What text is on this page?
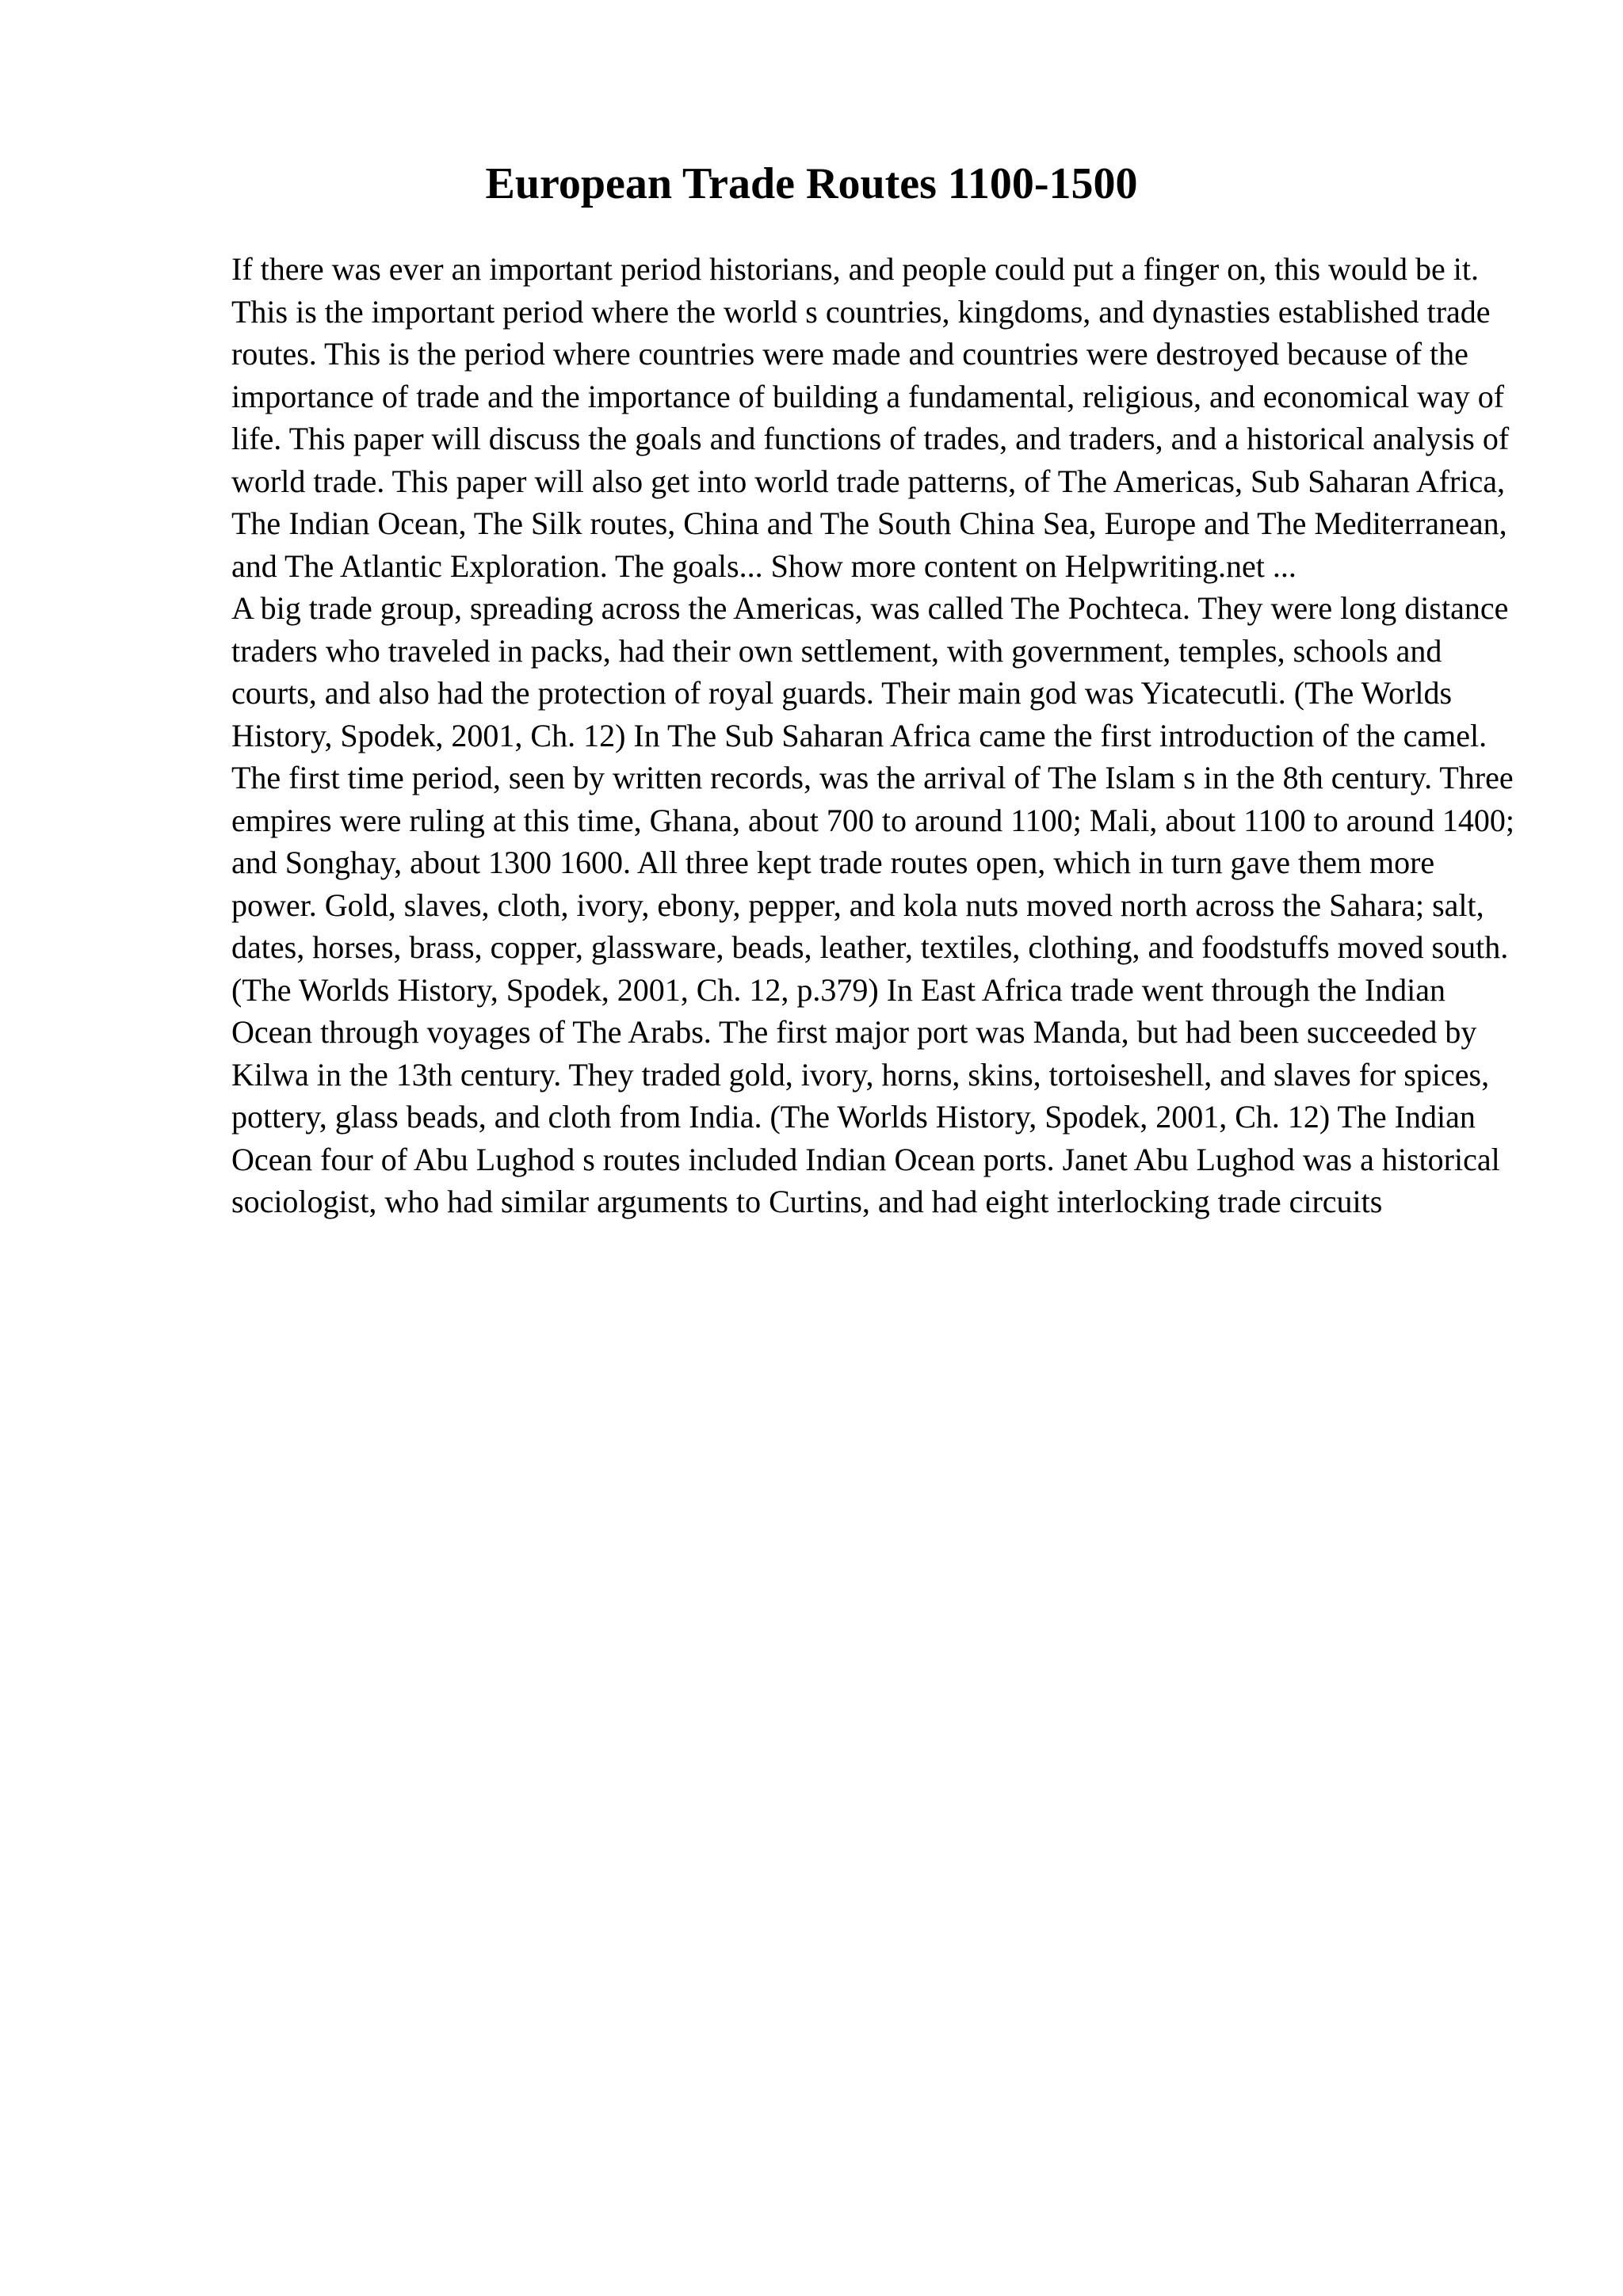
European Trade Routes 1100-1500

If there was ever an important period historians, and people could put a finger on, this would be it. This is the important period where the world s countries, kingdoms, and dynasties established trade routes. This is the period where countries were made and countries were destroyed because of the importance of trade and the importance of building a fundamental, religious, and economical way of life. This paper will discuss the goals and functions of trades, and traders, and a historical analysis of world trade. This paper will also get into world trade patterns, of The Americas, Sub Saharan Africa, The Indian Ocean, The Silk routes, China and The South China Sea, Europe and The Mediterranean, and The Atlantic Exploration. The goals... Show more content on Helpwriting.net ...

A big trade group, spreading across the Americas, was called The Pochteca. They were long distance traders who traveled in packs, had their own settlement, with government, temples, schools and courts, and also had the protection of royal guards. Their main god was Yicatecutli. (The Worlds History, Spodek, 2001, Ch. 12) In The Sub Saharan Africa came the first introduction of the camel. The first time period, seen by written records, was the arrival of The Islam s in the 8th century. Three empires were ruling at this time, Ghana, about 700 to around 1100; Mali, about 1100 to around 1400; and Songhay, about 1300 1600. All three kept trade routes open, which in turn gave them more power. Gold, slaves, cloth, ivory, ebony, pepper, and kola nuts moved north across the Sahara; salt, dates, horses, brass, copper, glassware, beads, leather, textiles, clothing, and foodstuffs moved south. (The Worlds History, Spodek, 2001, Ch. 12, p.379) In East Africa trade went through the Indian Ocean through voyages of The Arabs. The first major port was Manda, but had been succeeded by Kilwa in the 13th century. They traded gold, ivory, horns, skins, tortoiseshell, and slaves for spices, pottery, glass beads, and cloth from India. (The Worlds History, Spodek, 2001, Ch. 12) The Indian Ocean four of Abu Lughod s routes included Indian Ocean ports. Janet Abu Lughod was a historical sociologist, who had similar arguments to Curtins, and had eight interlocking trade circuits
